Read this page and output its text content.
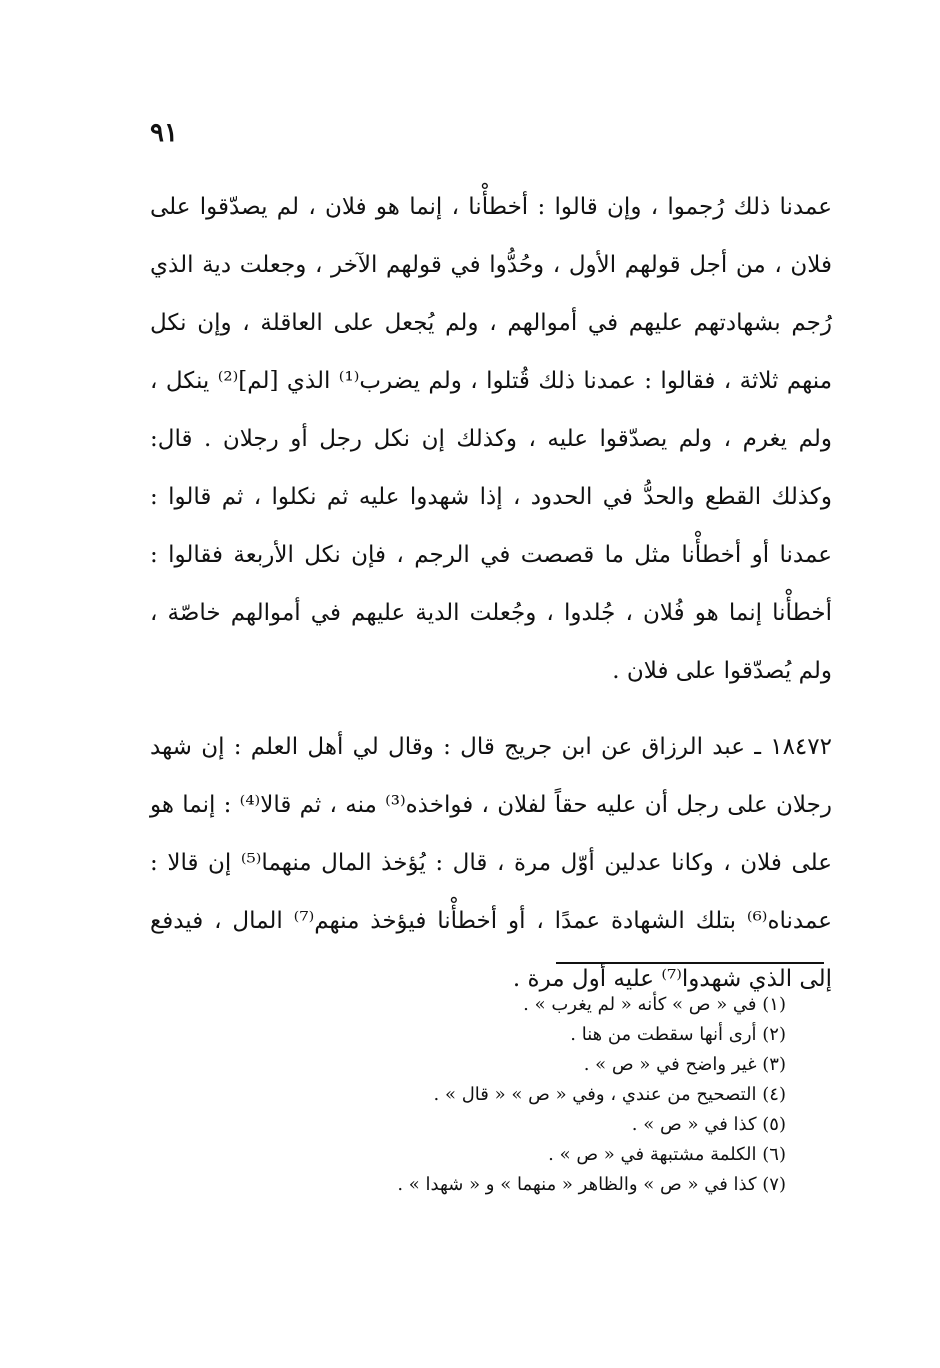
٩١

عمدنا ذلك رُجموا ، وإن قالوا : أخطأْنا ، إنما هو فلان ، لم يصدّقوا على فلان ، من أجل قولهم الأول ، وحُدُّوا في قولهم الآخر ، وجعلت دية الذي رُجم بشهادتهم عليهم في أموالهم ، ولم يُجعل على العاقلة ، وإن نكل منهم ثلاثة ، فقالوا : عمدنا ذلك قُتلوا ، ولم يضرب⁽¹⁾ الذي [لم]⁽²⁾ ينكل ، ولم يغرم ، ولم يصدّقوا عليه ، وكذلك إن نكل رجل أو رجلان . قال: وكذلك القطع والحدُّ في الحدود ، إذا شهدوا عليه ثم نكلوا ، ثم قالوا : عمدنا أو أخطأْنا مثل ما قصصت في الرجم ، فإن نكل الأربعة فقالوا : أخطأْنا إنما هو فُلان ، جُلدوا ، وجُعلت الدية عليهم في أموالهم خاصّة ، ولم يُصدّقوا على فلان .

١٨٤٧٢ ـ عبد الرزاق عن ابن جريج قال : وقال لي أهل العلم : إن شهد رجلان على رجل أن عليه حقاً لفلان ، فواخذه⁽³⁾ منه ، ثم قالا⁽⁴⁾ : إنما هو على فلان ، وكانا عدلين أوّل مرة ، قال : يُؤخذ المال منهما⁽⁵⁾ إن قالا : عمدناه⁽⁶⁾ بتلك الشهادة عمدًا ، أو أخطأْنا فيؤخذ منهم⁽⁷⁾ المال ، فيدفع إلى الذي شهدوا⁽⁷⁾ عليه أول مرة .

(١) في « ص » كأنه « لم يغرب » .
(٢) أرى أنها سقطت من هنا .
(٣) غير واضح في « ص » .
(٤) التصحيح من عندي ، وفي « ص » « قال » .
(٥) كذا في « ص » .
(٦) الكلمة مشتبهة في « ص » .
(٧) كذا في « ص » والظاهر « منهما » و « شهدا » .
